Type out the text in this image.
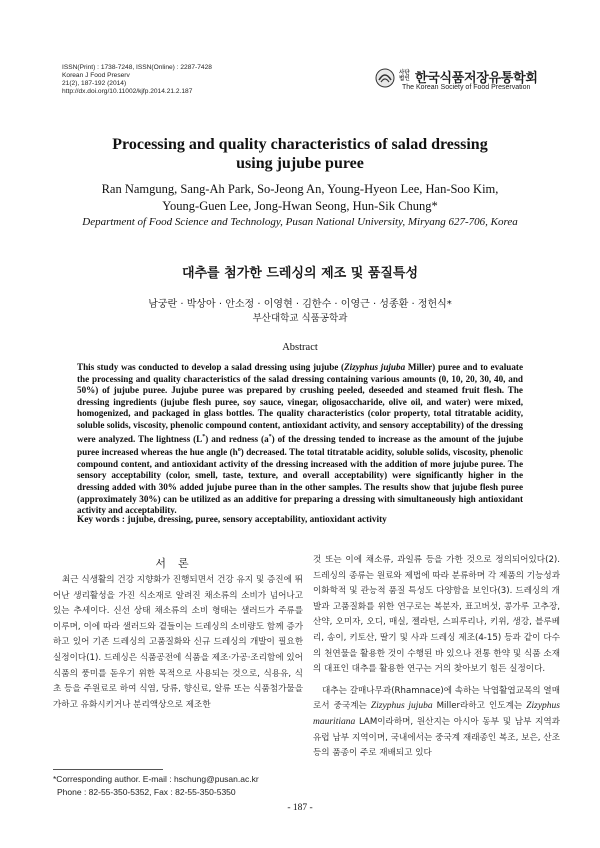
ISSN(Print) : 1738-7248, ISSN(Online) : 2287-7428
Korean J Food Preserv
21(2), 187-192 (2014)
http://dx.doi.org/10.11002/kjfp.2014.21.2.187
사단
법인 한국식품저장유통학회
The Korean Society of Food Preservation
Processing and quality characteristics of salad dressing
using jujube puree
Ran Namgung, Sang-Ah Park, So-Jeong An, Young-Hyeon Lee, Han-Soo Kim,
Young-Guen Lee, Jong-Hwan Seong, Hun-Sik Chung*
Department of Food Science and Technology, Pusan National University, Miryang 627-706, Korea
대추를 첨가한 드레싱의 제조 및 품질특성
남궁란 · 박상아 · 안소정 · 이영현 · 김한수 · 이영근 · 성종환 · 정헌식*
부산대학교 식품공학과
Abstract
This study was conducted to develop a salad dressing using jujube (Zizyphus jujuba Miller) puree and to evaluate the processing and quality characteristics of the salad dressing containing various amounts (0, 10, 20, 30, 40, and 50%) of jujube puree. Jujube puree was prepared by crushing peeled, deseeded and steamed fruit flesh. The dressing ingredients (jujube flesh puree, soy sauce, vinegar, oligosaccharide, olive oil, and water) were mixed, homogenized, and packaged in glass bottles. The quality characteristics (color property, total titratable acidity, soluble solids, viscosity, phenolic compound content, antioxidant activity, and sensory acceptability) of the dressing were analyzed. The lightness (L*) and redness (a*) of the dressing tended to increase as the amount of the jujube puree increased whereas the hue angle $(h^o)$ decreased. The total titratable acidity, soluble solids, viscosity, phenolic compound content, and antioxidant activity of the dressing increased with the addition of more jujube puree. The sensory acceptability (color, smell, taste, texture, and overall acceptability) were significantly higher in the dressing added with 30% added jujube puree than in the other samples. The results show that jujube flesh puree (approximately 30%) can be utilized as an additive for preparing a dressing with simultaneously high antioxidant activity and acceptability.
Key words : jujube, dressing, puree, sensory acceptability, antioxidant activity
서론

최근 식생활의 건강 지향화가 진행되면서 건강 유지 및 증진에 뛰어난 생리활성을 가진 식소재로 알려진 채소류의 소비가 넘어나고 있는 추세이다. 신선 상태 채소류의 소비 형태는 샐러드가 주류를 이루며, 이에 따라 샐러드와 곁들이는 드레싱의 소비량도 함께 증가하고 있어 기존 드레싱의 고품질화와 신규 드레싱의 개발이 필요한 실정이다(1). 드레싱은 식품공전에 식품을 제조·가공·조리함에 있어 식품의 풍미를 돋우기 위한 목적으로 사용되는 것으로, 식용유, 식초 등을 주원료로 하여 식염, 당류, 향신료, 알류 또는 식품첨가물을 가하고 유화시키거나 분리액상으로 제조한

것 또는 이에 채소류, 과일류 등을 가한 것으로 정의되어있다(2). 드레싱의 종류는 원료와 제법에 따라 분류하며 각 제품의 기능성과 이화학적 및 관능적 품질 특성도 다양함을 보인다(3). 드레싱의 개발과 고품질화를 위한 연구로는 복분자, 표고버섯, 콩가루 고추장, 산약, 오미자, 오디, 매실, 젤라틴, 스피루리나, 키위, 생강, 블루베리, 송이, 키토산, 딸기 및 사과 드레싱 제조(4-15) 등과 같이 다수의 천연물을 활용한 것이 수행된 바 있으나 전통 한약 및 식품 소재의 대표인 대추를 활용한 연구는 거의 찾아보기 힘든 실정이다.

대추는 갈매나무과(Rhamnace)에 속하는 낙엽활엽교목의 열매로서 중국계는 Zizyphus jujuba Miller라하고 인도계는 Zizyphus mauritiana LAM이라하며, 원산지는 아시아 동부 및 남부 지역과 유럽 남부 지역이며, 국내에서는 중국계 재래종인 복조, 보은, 산조 등의 품종이 주로 재배되고 있다

*Corresponding author. E-mail : hschung@pusan.ac.kr
Phone : 82-55-350-5352, Fax : 82-55-350-5350
- 187 -
